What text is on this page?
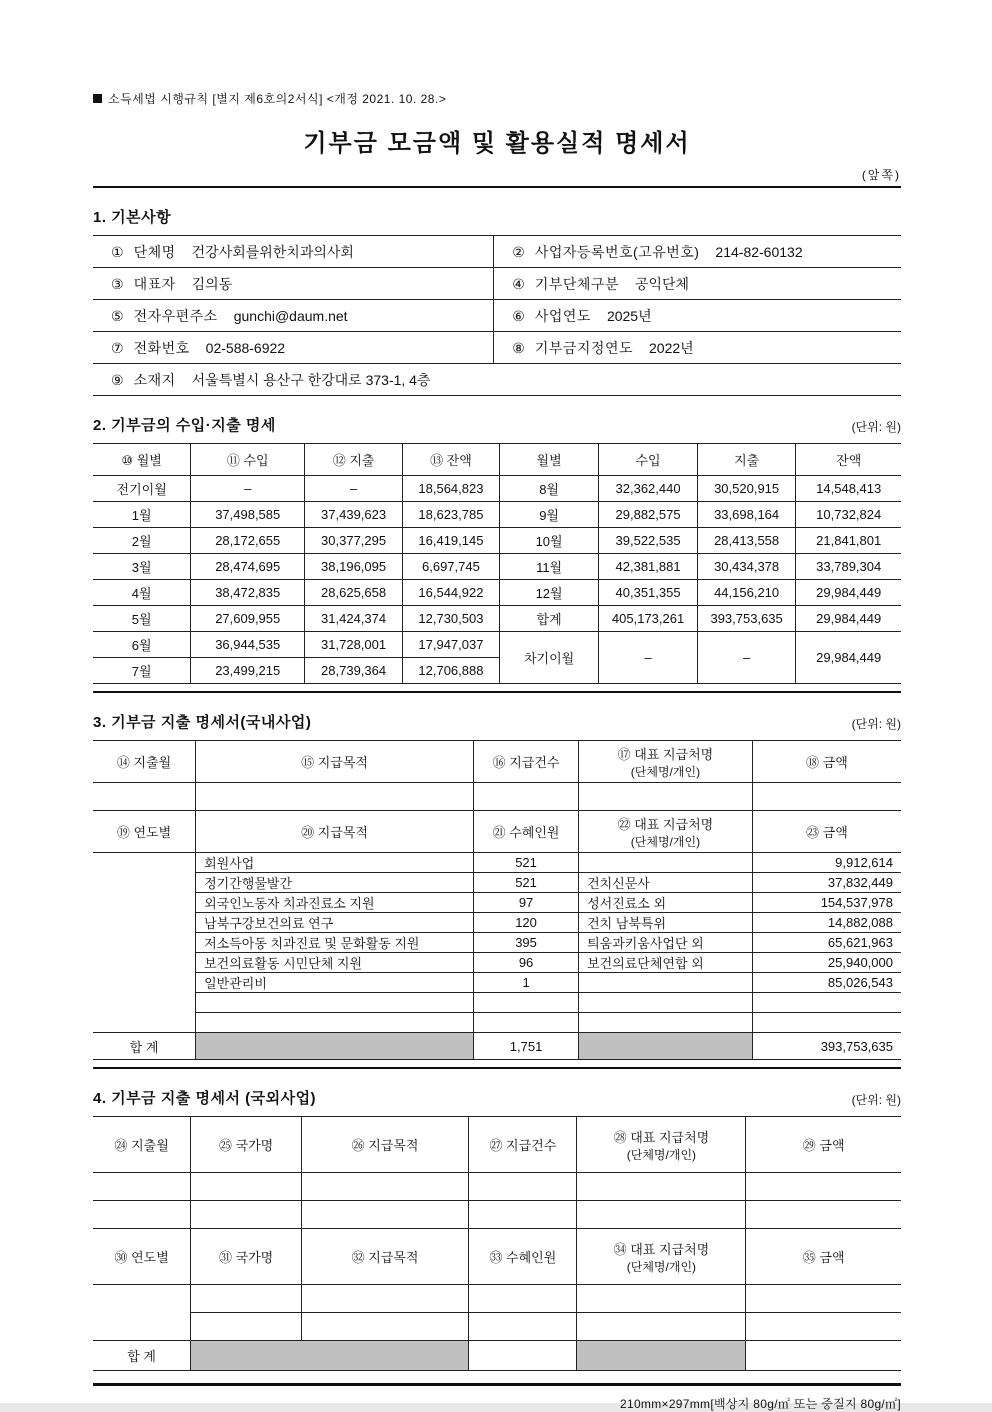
소득세법 시행규칙 [별지 제6호의2서식] <개정 2021. 10. 28.>
기부금 모금액 및 활용실적 명세서
(앞쪽)
1. 기본사항
① 단체명 건강사회를위한치과의사회	② 사업자등록번호(고유번호) 214-82-60132
③ 대표자 김의동	④ 기부단체구분 공익단체
⑤ 전자우편주소 gunchi@daum.net	⑥ 사업연도 2025년
⑦ 전화번호 02-588-6922	⑧ 기부금지정연도 2022년
⑨ 소재지 서울특별시 용산구 한강대로 373-1, 4층	
2. 기부금의 수입·지출 명세	(단위: 원)
⑩ 월별	⑪ 수입	⑫ 지출	⑬ 잔액	월별	수입	지출	잔액
전기이월	–	–	18,564,823	8월	32,362,440	30,520,915	14,548,413
1월	37,498,585	37,439,623	18,623,785	9월	29,882,575	33,698,164	10,732,824
2월	28,172,655	30,377,295	16,419,145	10월	39,522,535	28,413,558	21,841,801
3월	28,474,695	38,196,095	6,697,745	11월	42,381,881	30,434,378	33,789,304
4월	38,472,835	28,625,658	16,544,922	12월	40,351,355	44,156,210	29,984,449
5월	27,609,955	31,424,374	12,730,503	합계	405,173,261	393,753,635	29,984,449
6월	36,944,535	31,728,001	17,947,037	차기이월	–	–	29,984,449
7월	23,499,215	28,739,364	12,706,888				
3. 기부금 지출 명세서(국내사업)	(단위: 원)
⑭ 지출월	⑮ 지급목적	⑯ 지급건수	⑰ 대표 지급처명
(단체명/개인)	⑱ 금액

⑲ 연도별	⑳ 지급목적	㉑ 수혜인원	㉒ 대표 지급처명
(단체명/개인)	㉓ 금액
	회원사업	521		9,912,614
	정기간행물발간	521	건치신문사	37,832,449
	외국인노동자 치과진료소 지원	97	성서진료소 외	154,537,978
	남북구강보건의료 연구	120	건치 남북특위	14,882,088
	저소득아동 치과진료 및 문화활동 지원	395	틔움과키움사업단 외	65,621,963
	보건의료활동 시민단체 지원	96	보건의료단체연합 외	25,940,000
	일반관리비	1		85,026,543

합 계		1,751		393,753,635
4. 기부금 지출 명세서 (국외사업)	(단위: 원)
㉔ 지출월	㉕ 국가명	㉖ 지급목적	㉗ 지급건수	㉘ 대표 지급처명
(단체명/개인)	㉙ 금액

㉚ 연도별	㉛ 국가명	㉜ 지급목적	㉝ 수혜인원	㉞ 대표 지급처명
(단체명/개인)	㉟ 금액

합 계					
210mm×297mm[백상지 80g/㎡ 또는 중질지 80g/㎡]
